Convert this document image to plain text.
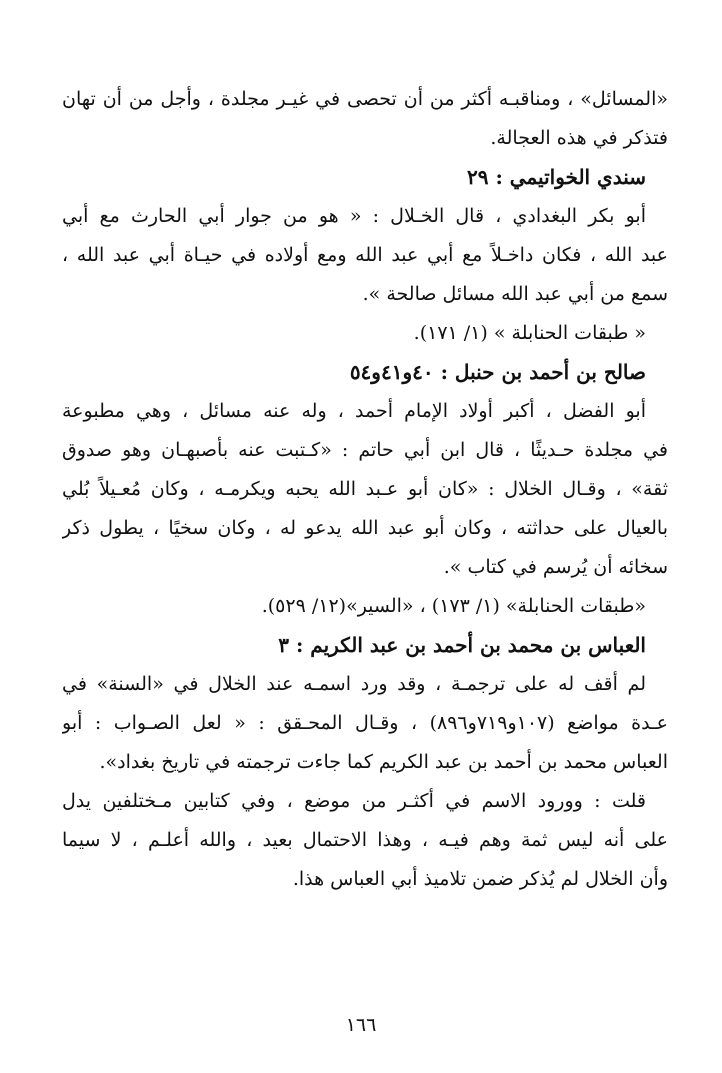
«المسائل» ، ومناقبـه أكثر من أن تحصى في غيـر مجلدة ، وأجل من أن تهان
فتذكر في هذه العجالة.
سندي الخواتيمي : ٢٩
أبو بكر البغدادي ، قال الخـلال : « هو من جوار أبي الحارث مع أبي
عبد الله ، فكان داخـلاً مع أبي عبد الله ومع أولاده في حيـاة أبي عبد الله ،
سمع من أبي عبد الله مسائل صالحة ».
« طبقات الحنابلة » (١/ ١٧١).
صالح بن أحمد بن حنبل : ٤٠و٤١و٥٤
أبو الفضل ، أكبر أولاد الإمام أحمد ، وله عنه مسائل ، وهي مطبوعة
في مجلدة حـديثًا ، قال ابن أبي حاتم : «كـتبت عنه بأصبهـان وهو صدوق
ثقة» ، وقـال الخلال : «كان أبو عـبد الله يحبه ويكرمـه ، وكان مُعـيلاً بُلي
بالعيال على حداثته ، وكان أبو عبد الله يدعو له ، وكان سخيًا ، يطول ذكر
سخائه أن يُرسم في كتاب ».
«طبقات الحنابلة» (١/ ١٧٣) ، «السير»(١٢/ ٥٢٩).
العباس بن محمد بن أحمد بن عبد الكريم : ٣
لم أقف له على ترجمـة ، وقد ورد اسمـه عند الخلال في «السنة» في
عـدة مواضع (١٠٧و٧١٩و٨٩٦) ، وقـال المحـقق : « لعل الصـواب : أبو
العباس محمد بن أحمد بن عبد الكريم كما جاءت ترجمته في تاريخ بغداد».
قلت : وورود الاسم في أكثـر من موضع ، وفي كتابين مـختلفين يدل
على أنه ليس ثمة وهم فيـه ، وهذا الاحتمال بعيد ، والله أعلـم ، لا سيما
وأن الخلال لم يُذكر ضمن تلاميذ أبي العباس هذا.
١٦٦
